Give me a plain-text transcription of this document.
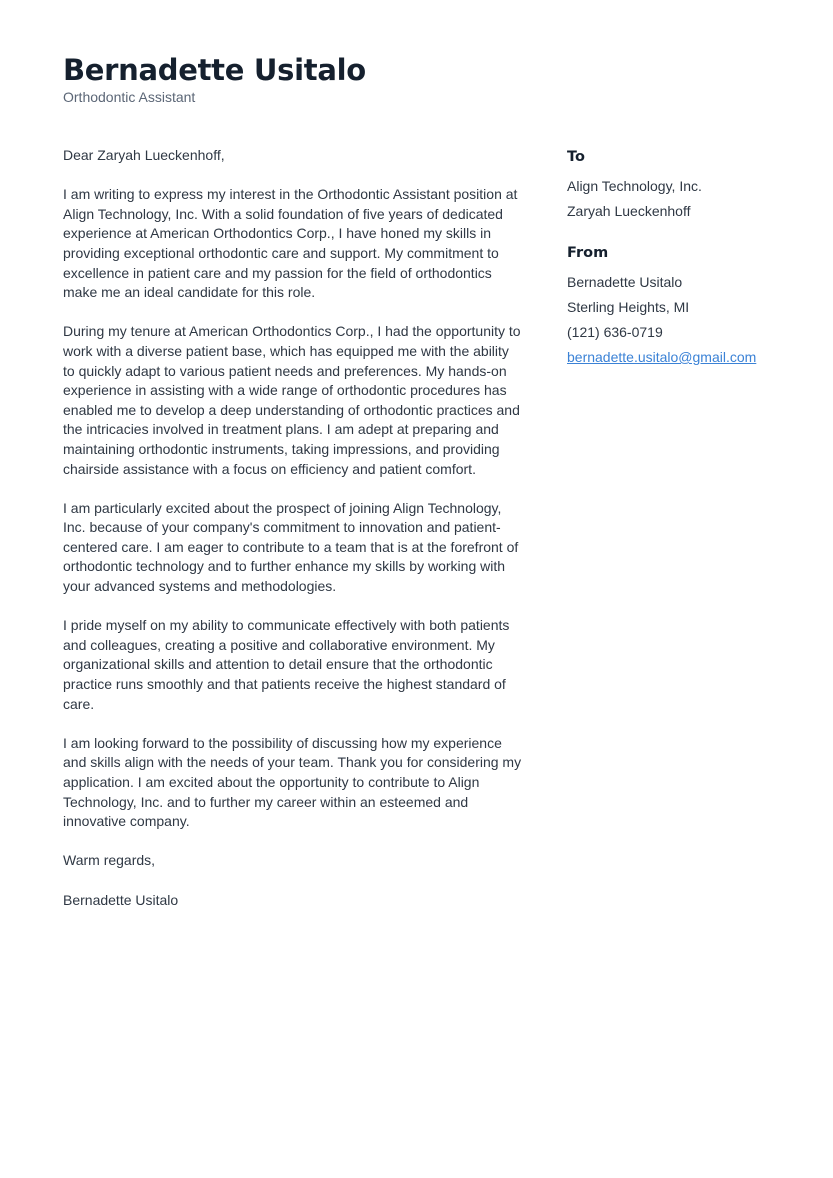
Bernadette Usitalo
Orthodontic Assistant

Dear Zaryah Lueckenhoff,

I am writing to express my interest in the Orthodontic Assistant position at Align Technology, Inc. With a solid foundation of five years of dedicated experience at American Orthodontics Corp., I have honed my skills in providing exceptional orthodontic care and support. My commitment to excellence in patient care and my passion for the field of orthodontics make me an ideal candidate for this role.

During my tenure at American Orthodontics Corp., I had the opportunity to work with a diverse patient base, which has equipped me with the ability to quickly adapt to various patient needs and preferences. My hands-on experience in assisting with a wide range of orthodontic procedures has enabled me to develop a deep understanding of orthodontic practices and the intricacies involved in treatment plans. I am adept at preparing and maintaining orthodontic instruments, taking impressions, and providing chairside assistance with a focus on efficiency and patient comfort.

I am particularly excited about the prospect of joining Align Technology, Inc. because of your company's commitment to innovation and patient-centered care. I am eager to contribute to a team that is at the forefront of orthodontic technology and to further enhance my skills by working with your advanced systems and methodologies.

I pride myself on my ability to communicate effectively with both patients and colleagues, creating a positive and collaborative environment. My organizational skills and attention to detail ensure that the orthodontic practice runs smoothly and that patients receive the highest standard of care.

I am looking forward to the possibility of discussing how my experience and skills align with the needs of your team. Thank you for considering my application. I am excited about the opportunity to contribute to Align Technology, Inc. and to further my career within an esteemed and innovative company.

Warm regards,

Bernadette Usitalo

To
Align Technology, Inc.
Zaryah Lueckenhoff
From
Bernadette Usitalo
Sterling Heights, MI
(121) 636-0719
bernadette.usitalo@gmail.com
